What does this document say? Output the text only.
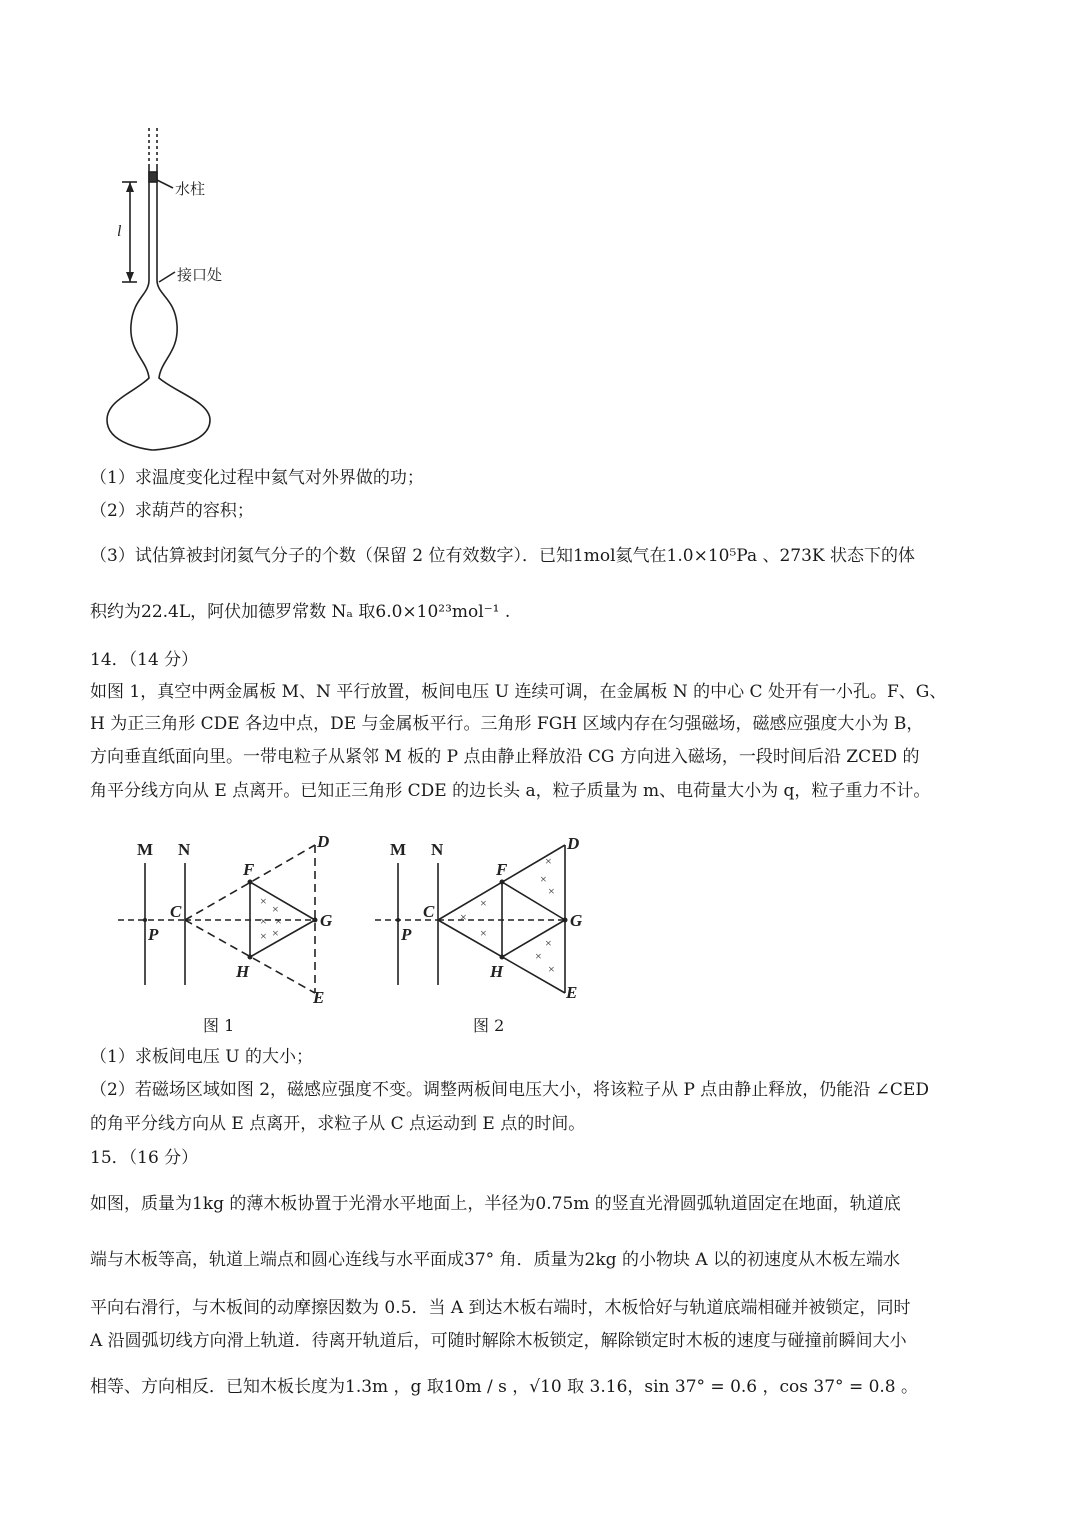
水柱
l
接口处
（1）求温度变化过程中氦气对外界做的功；
（2）求葫芦的容积；
（3）试估算被封闭氦气分子的个数（保留 2 位有效数字）．已知1mol氦气在1.0×10⁵Pa 、273K 状态下的体
积约为22.4L，阿伏加德罗常数 Nₐ 取6.0×10²³mol⁻¹ .
14．（14 分）
如图 1，真空中两金属板 M、N 平行放置，板间电压 U 连续可调，在金属板 N 的中心 C 处开有一小孔。F、G、
H 为正三角形 CDE 各边中点，DE 与金属板平行。三角形 FGH 区域内存在匀强磁场，磁感应强度大小为 B，
方向垂直纸面向里。一带电粒子从紧邻 M 板的 P 点由静止释放沿 CG 方向进入磁场，一段时间后沿 ZCED 的
角平分线方向从 E 点离开。已知正三角形 CDE 的边长头 a，粒子质量为 m、电荷量大小为 q，粒子重力不计。
×
×
× ×
× ×
M N
P
C
D
E
F
G
H
图 1
×
×
×
×
×
×
×
×
×
M N
P
C
D
E
F
G
H
图 2
（1）求板间电压 U 的大小；
（2）若磁场区域如图 2，磁感应强度不变。调整两板间电压大小，将该粒子从 P 点由静止释放，仍能沿 ∠CED
的角平分线方向从 E 点离开，求粒子从 C 点运动到 E 点的时间。
15．（16 分）
如图，质量为1kg 的薄木板协置于光滑水平地面上，半径为0.75m 的竖直光滑圆弧轨道固定在地面，轨道底
端与木板等高，轨道上端点和圆心连线与水平面成37° 角．质量为2kg 的小物块 A 以的初速度从木板左端水
平向右滑行，与木板间的动摩擦因数为 0.5．当 A 到达木板右端时，木板恰好与轨道底端相碰并被锁定，同时
A 沿圆弧切线方向滑上轨道．待离开轨道后，可随时解除木板锁定，解除锁定时木板的速度与碰撞前瞬间大小
相等、方向相反．已知木板长度为1.3m ，g 取10m / s ，√10 取 3.16，sin 37° = 0.6 ，cos 37° = 0.8 。
